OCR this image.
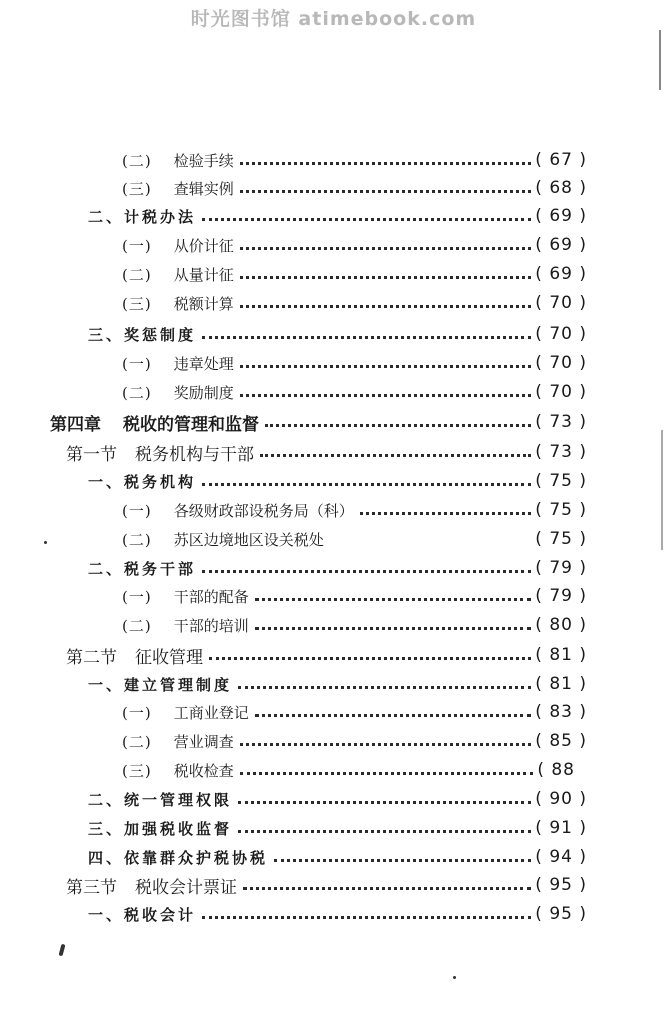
时光图书馆 atimebook.com
(二)	检验手续	( 67 )
(三)	查辑实例	( 68 )
二、 计税办法	( 69 )
(一)	从价计征	( 69 )
(二)	从量计征	( 69 )
(三)	税额计算	( 70 )
三、 奖惩制度	( 70 )
(一)	违章处理	( 70 )
(二)	奖励制度	( 70 )
第四章	税收的管理和监督	( 73 )
第一节	税务机构与干部	( 73 )
一、 税务机构	( 75 )
(一)	各级财政部设税务局（科）	( 75 )
(二)	苏区边境地区设关税处	( 75 )
二、 税务干部	( 79 )
(一)	干部的配备	( 79 )
(二)	干部的培训	( 80 )
第二节	征收管理	( 81 )
一、 建立管理制度	( 81 )
(一)	工商业登记	( 83 )
(二)	营业调查	( 85 )
(三)	税收检查	( 88
二、 统一管理权限	( 90 )
三、 加强税收监督	( 91 )
四、 依靠群众护税协税	( 94 )
第三节	税收会计票证	( 95 )
一、 税收会计	( 95 )
